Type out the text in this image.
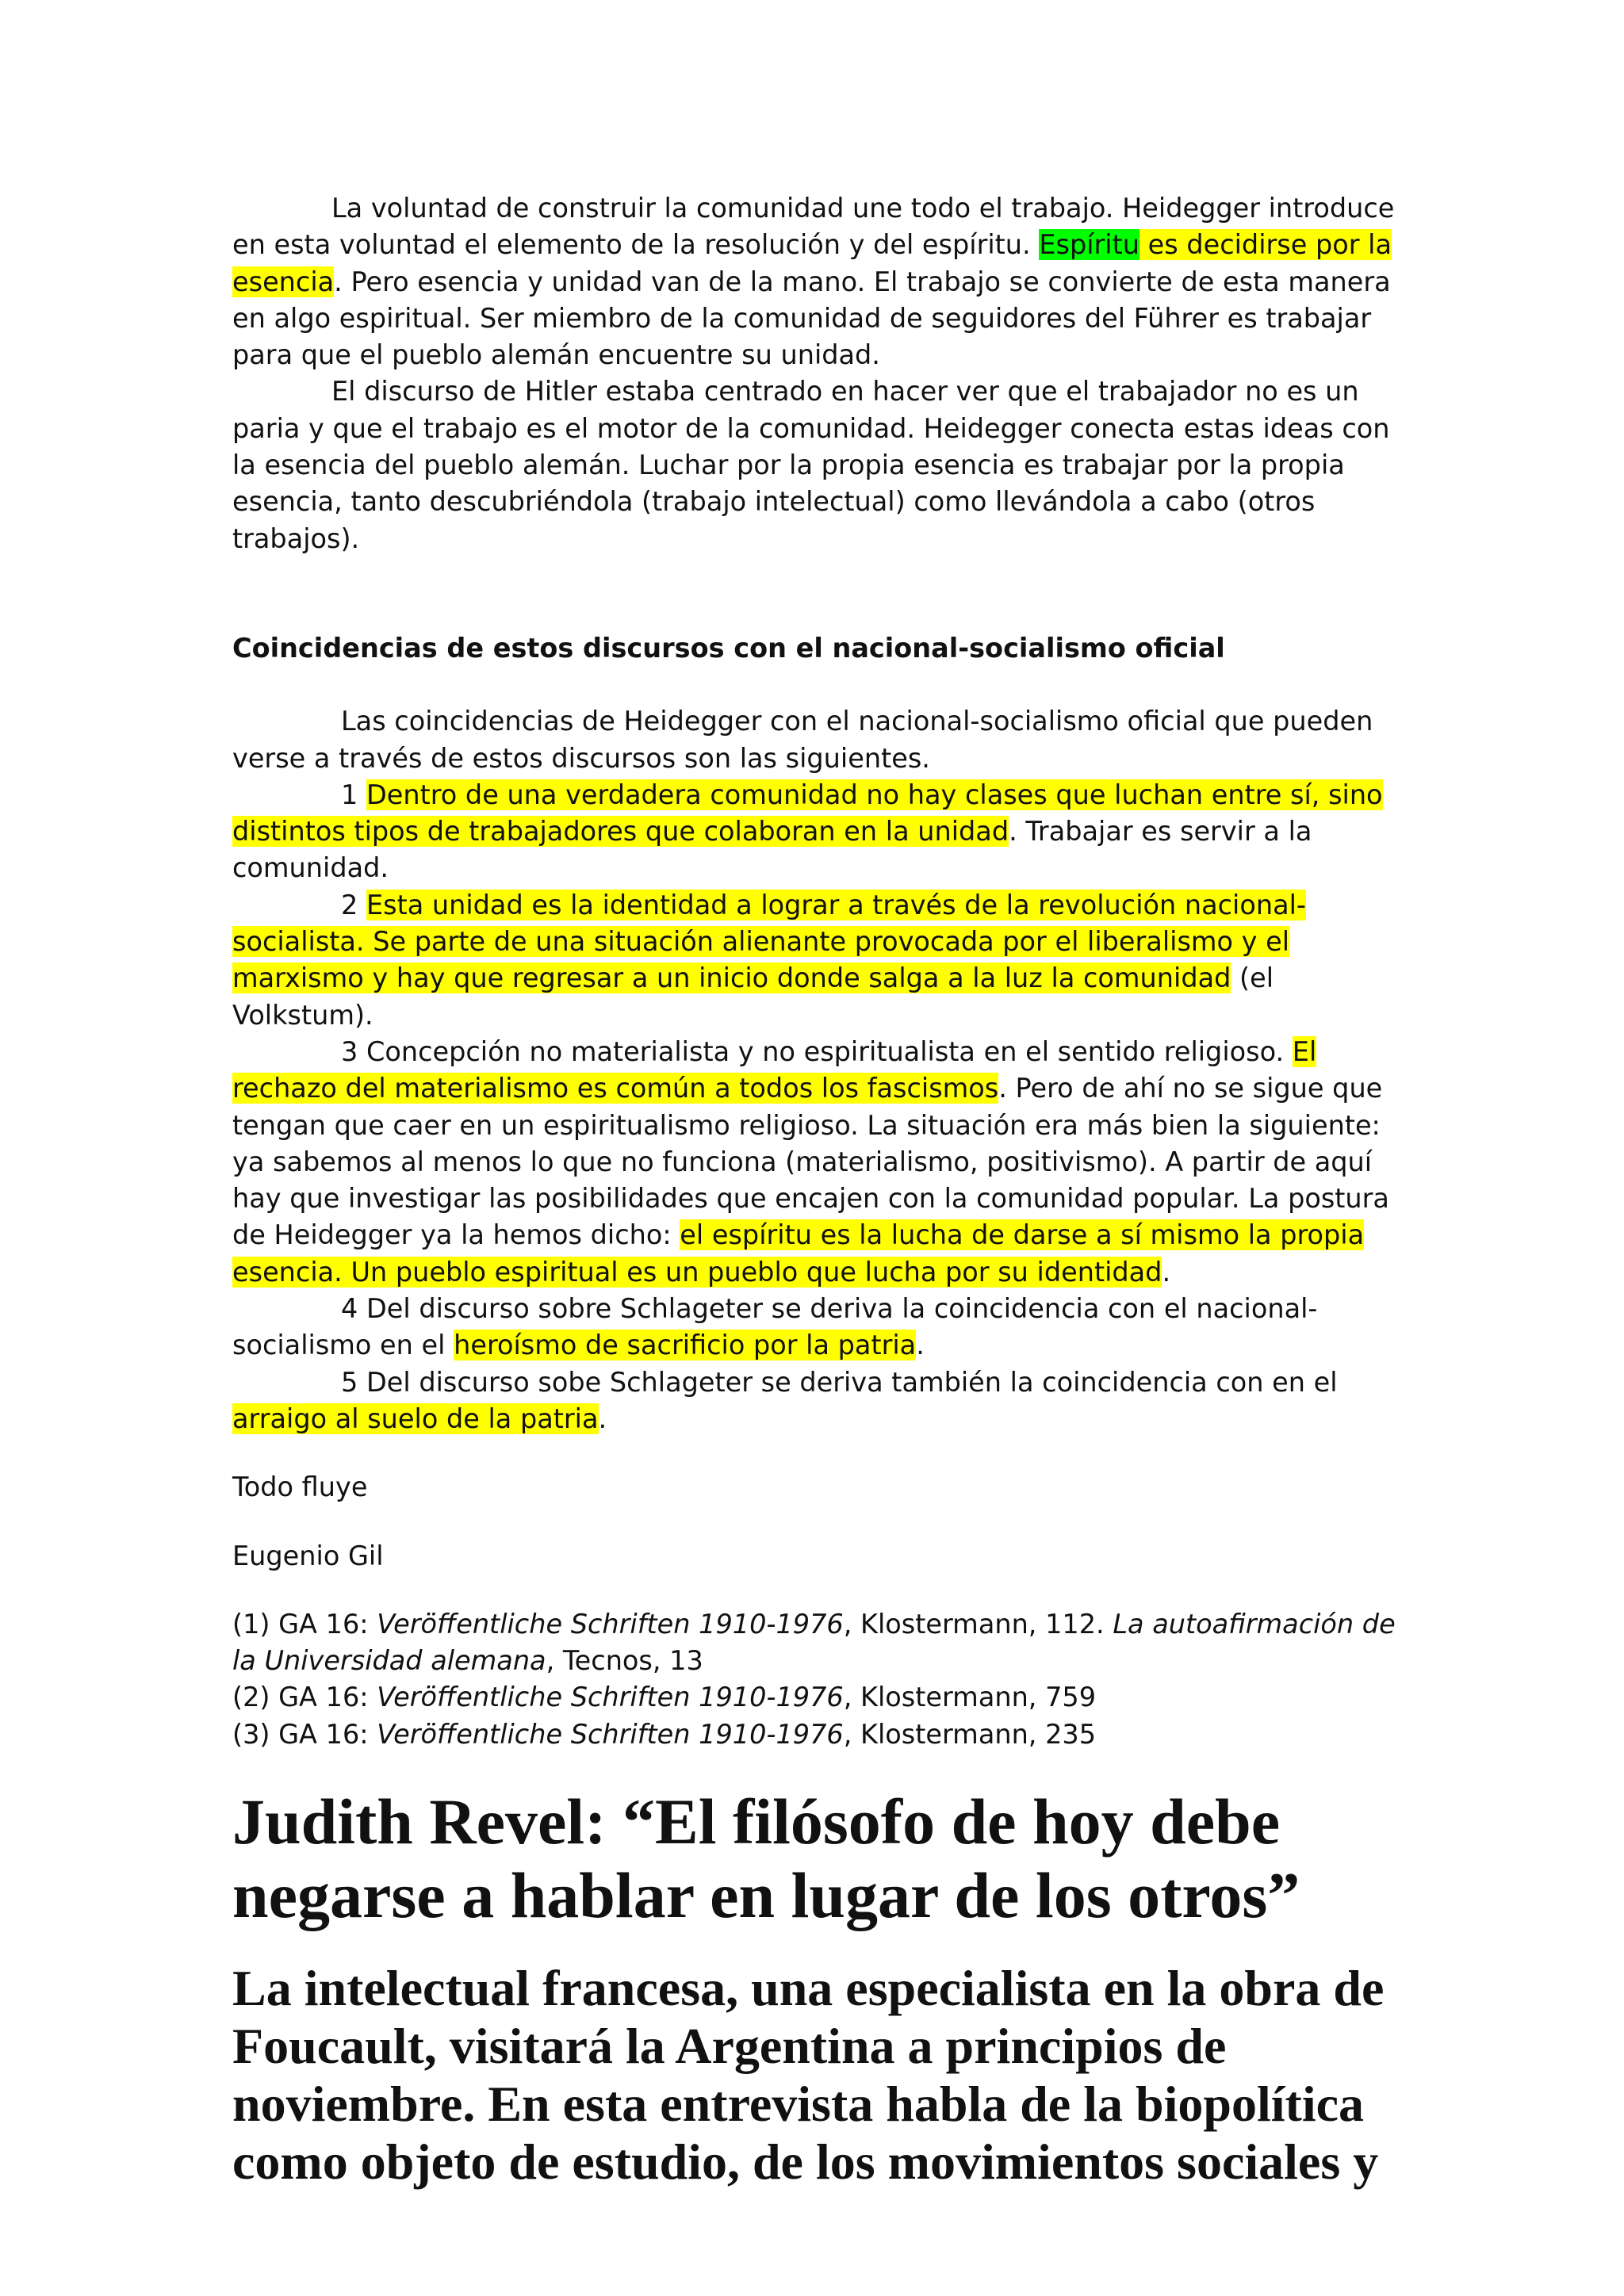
La voluntad de construir la comunidad une todo el trabajo. Heidegger introduce en esta voluntad el elemento de la resolución y del espíritu. Espíritu es decidirse por la esencia. Pero esencia y unidad van de la mano. El trabajo se convierte de esta manera en algo espiritual. Ser miembro de la comunidad de seguidores del Führer es trabajar para que el pueblo alemán encuentre su unidad.

El discurso de Hitler estaba centrado en hacer ver que el trabajador no es un paria y que el trabajo es el motor de la comunidad. Heidegger conecta estas ideas con la esencia del pueblo alemán. Luchar por la propia esencia es trabajar por la propia esencia, tanto descubriéndola (trabajo intelectual) como llevándola a cabo (otros trabajos).

Coincidencias de estos discursos con el nacional-socialismo oficial

Las coincidencias de Heidegger con el nacional-socialismo oficial que pueden verse a través de estos discursos son las siguientes.

1 Dentro de una verdadera comunidad no hay clases que luchan entre sí, sino distintos tipos de trabajadores que colaboran en la unidad. Trabajar es servir a la comunidad.

2 Esta unidad es la identidad a lograr a través de la revolución nacional-socialista. Se parte de una situación alienante provocada por el liberalismo y el marxismo y hay que regresar a un inicio donde salga a la luz la comunidad (el Volkstum).

3 Concepción no materialista y no espiritualista en el sentido religioso. El rechazo del materialismo es común a todos los fascismos. Pero de ahí no se sigue que tengan que caer en un espiritualismo religioso. La situación era más bien la siguiente: ya sabemos al menos lo que no funciona (materialismo, positivismo). A partir de aquí hay que investigar las posibilidades que encajen con la comunidad popular. La postura de Heidegger ya la hemos dicho: el espíritu es la lucha de darse a sí mismo la propia esencia. Un pueblo espiritual es un pueblo que lucha por su identidad.

4 Del discurso sobre Schlageter se deriva la coincidencia con el nacional-socialismo en el heroísmo de sacrificio por la patria.

5 Del discurso sobe Schlageter se deriva también la coincidencia con en el arraigo al suelo de la patria.

Todo fluye

Eugenio Gil

(1) GA 16: Veröffentliche Schriften 1910-1976, Klostermann, 112. La autoafirmación de la Universidad alemana, Tecnos, 13

(2) GA 16: Veröffentliche Schriften 1910-1976, Klostermann, 759

(3) GA 16: Veröffentliche Schriften 1910-1976, Klostermann, 235

Judith Revel: “El filósofo de hoy debe negarse a hablar en lugar de los otros”
La intelectual francesa, una especialista en la obra de Foucault, visitará la Argentina a principios de noviembre. En esta entrevista habla de la biopolítica como objeto de estudio, de los movimientos sociales y
